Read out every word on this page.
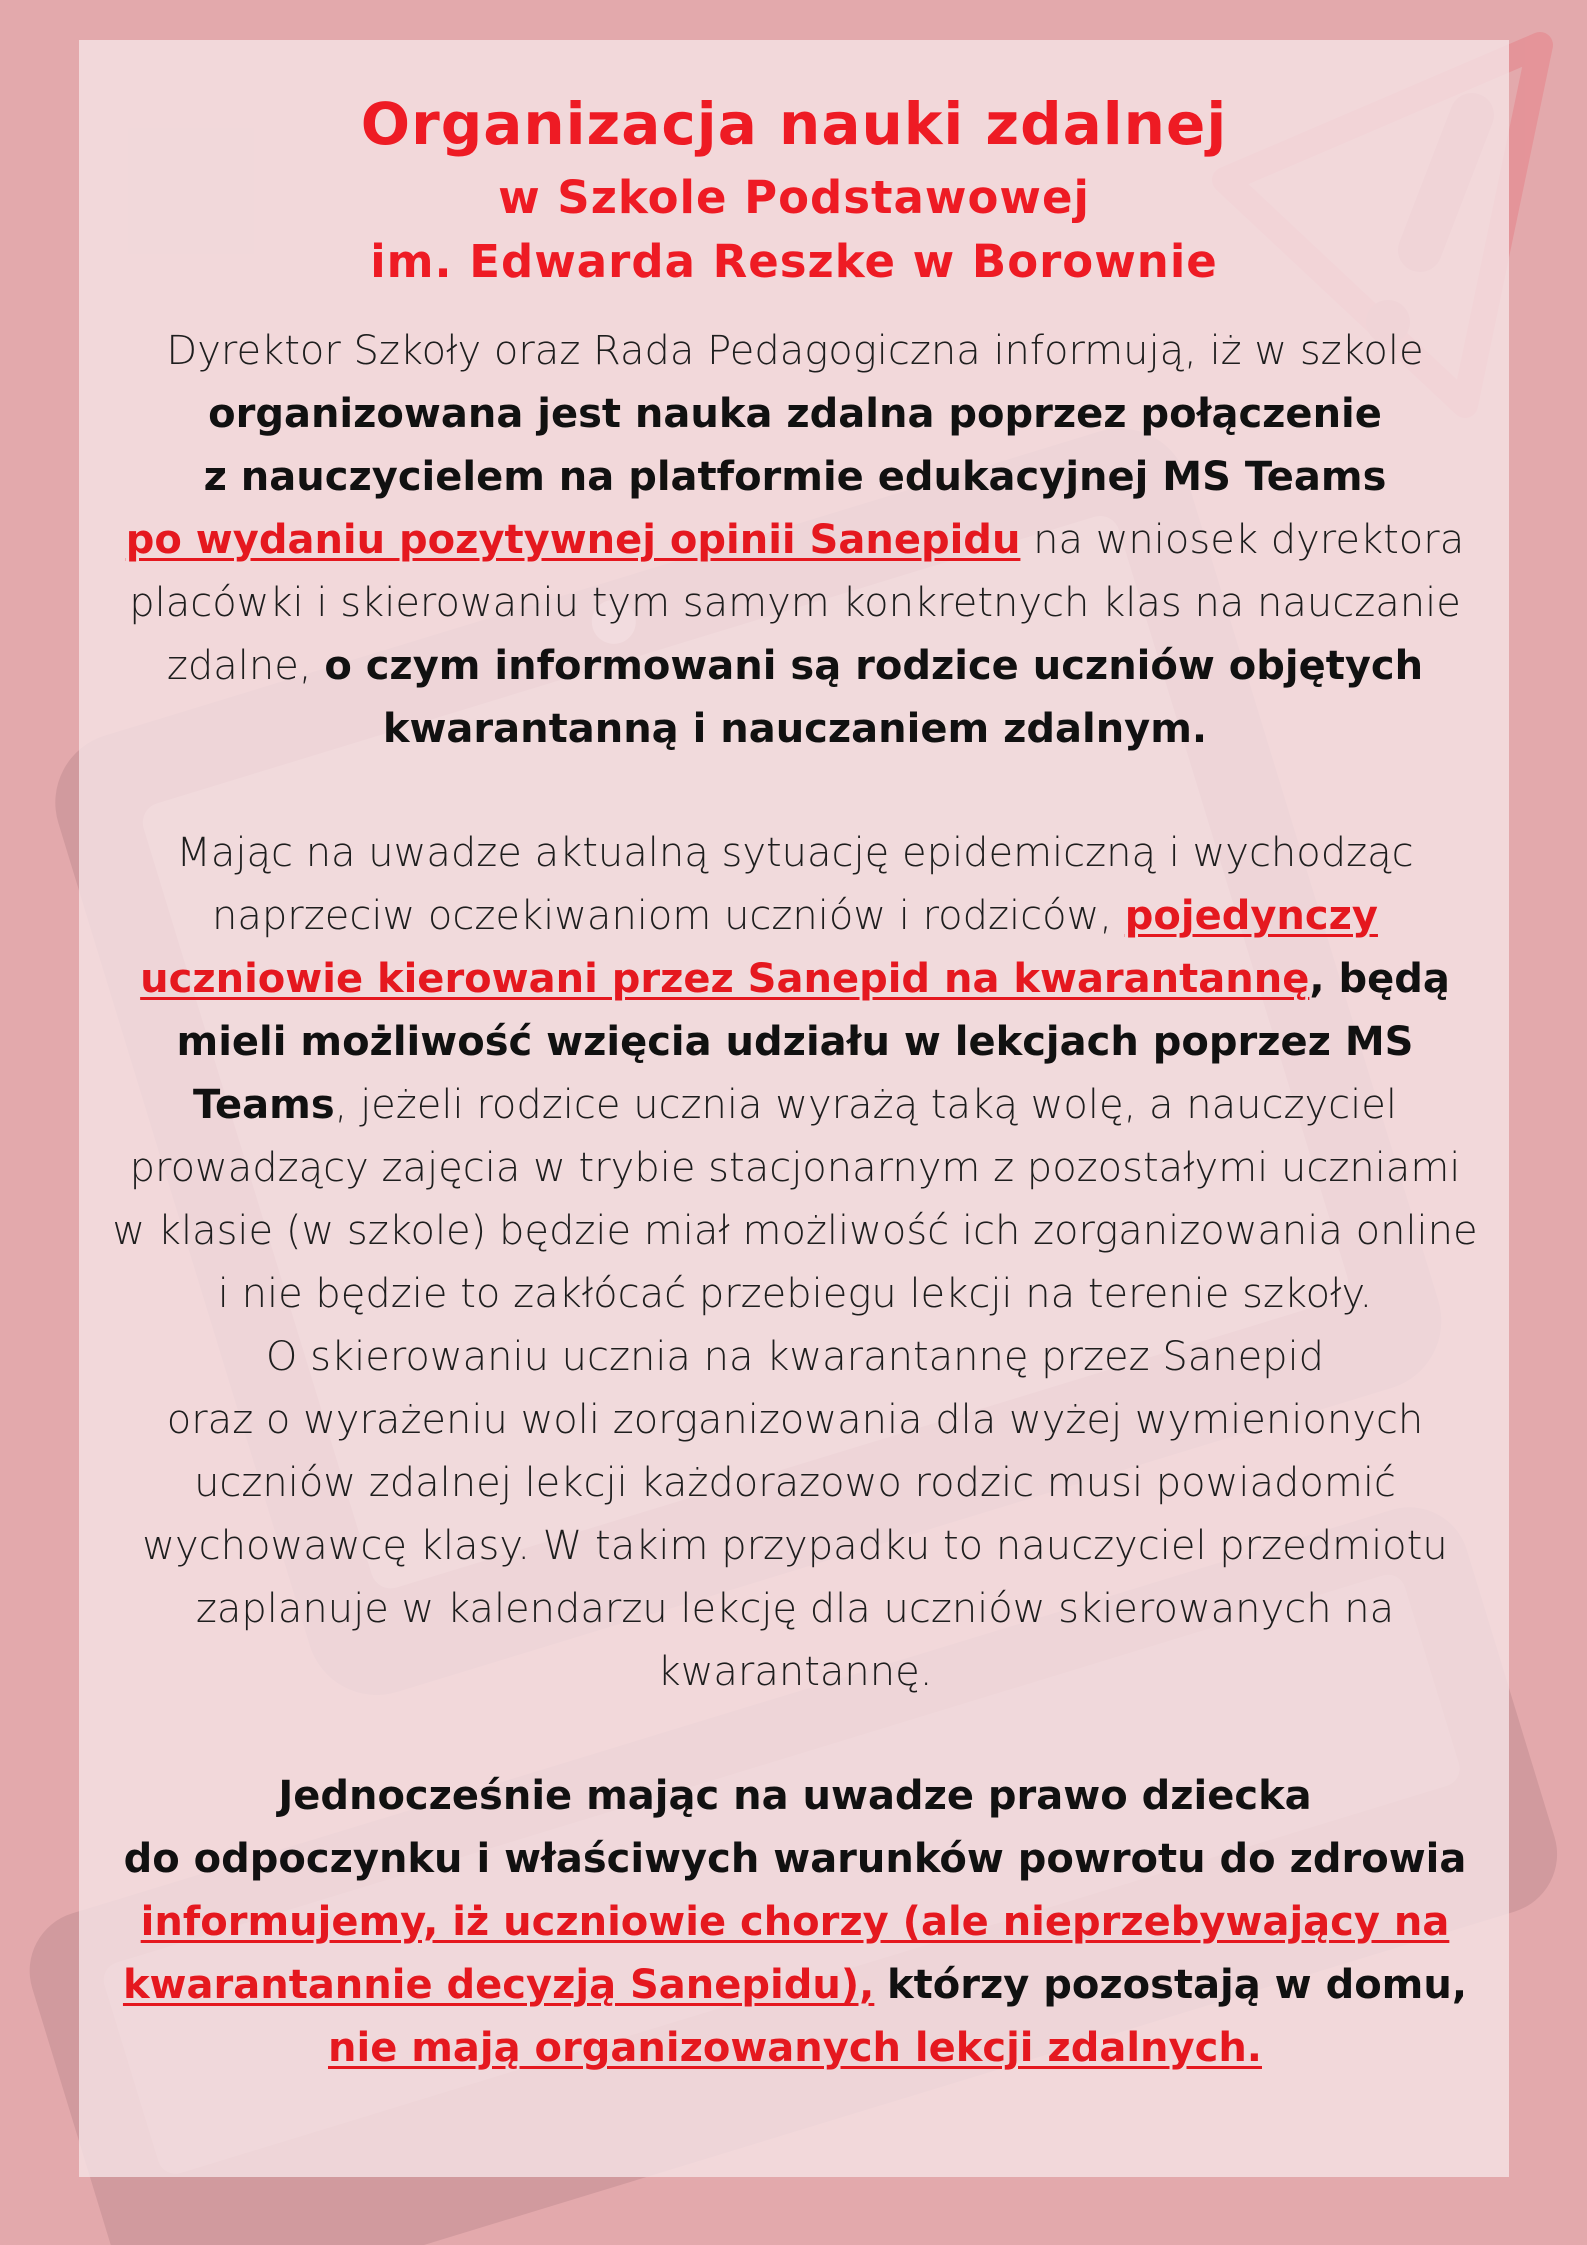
Organizacja nauki zdalnej
w Szkole Podstawowej
im. Edwarda Reszke w Borownie
Dyrektor Szkoły oraz Rada Pedagogiczna informują, iż w szkole
organizowana jest nauka zdalna poprzez połączenie
z nauczycielem na platformie edukacyjnej MS Teams
po wydaniu pozytywnej opinii Sanepidu na wniosek dyrektora placówki i skierowaniu tym samym konkretnych klas na nauczanie zdalne, o czym informowani są rodzice uczniów objętych kwarantanną i nauczaniem zdalnym.
Mając na uwadze aktualną sytuację epidemiczną i wychodząc naprzeciw oczekiwaniom uczniów i rodziców, pojedynczy uczniowie kierowani przez Sanepid na kwarantannę, będą mieli możliwość wzięcia udziału w lekcjach poprzez MS Teams, jeżeli rodzice ucznia wyrażą taką wolę, a nauczyciel prowadzący zajęcia w trybie stacjonarnym z pozostałymi uczniami w klasie (w szkole) będzie miał możliwość ich zorganizowania online i nie będzie to zakłócać przebiegu lekcji na terenie szkoły.
O skierowaniu ucznia na kwarantannę przez Sanepid
oraz o wyrażeniu woli zorganizowania dla wyżej wymienionych uczniów zdalnej lekcji każdorazowo rodzic musi powiadomić wychowawcę klasy. W takim przypadku to nauczyciel przedmiotu zaplanuje w kalendarzu lekcję dla uczniów skierowanych na kwarantannę.
Jednocześnie mając na uwadze prawo dziecka
do odpoczynku i właściwych warunków powrotu do zdrowia
informujemy, iż uczniowie chorzy (ale nieprzebywający na kwarantannie decyzją Sanepidu), którzy pozostają w domu,
nie mają organizowanych lekcji zdalnych.
